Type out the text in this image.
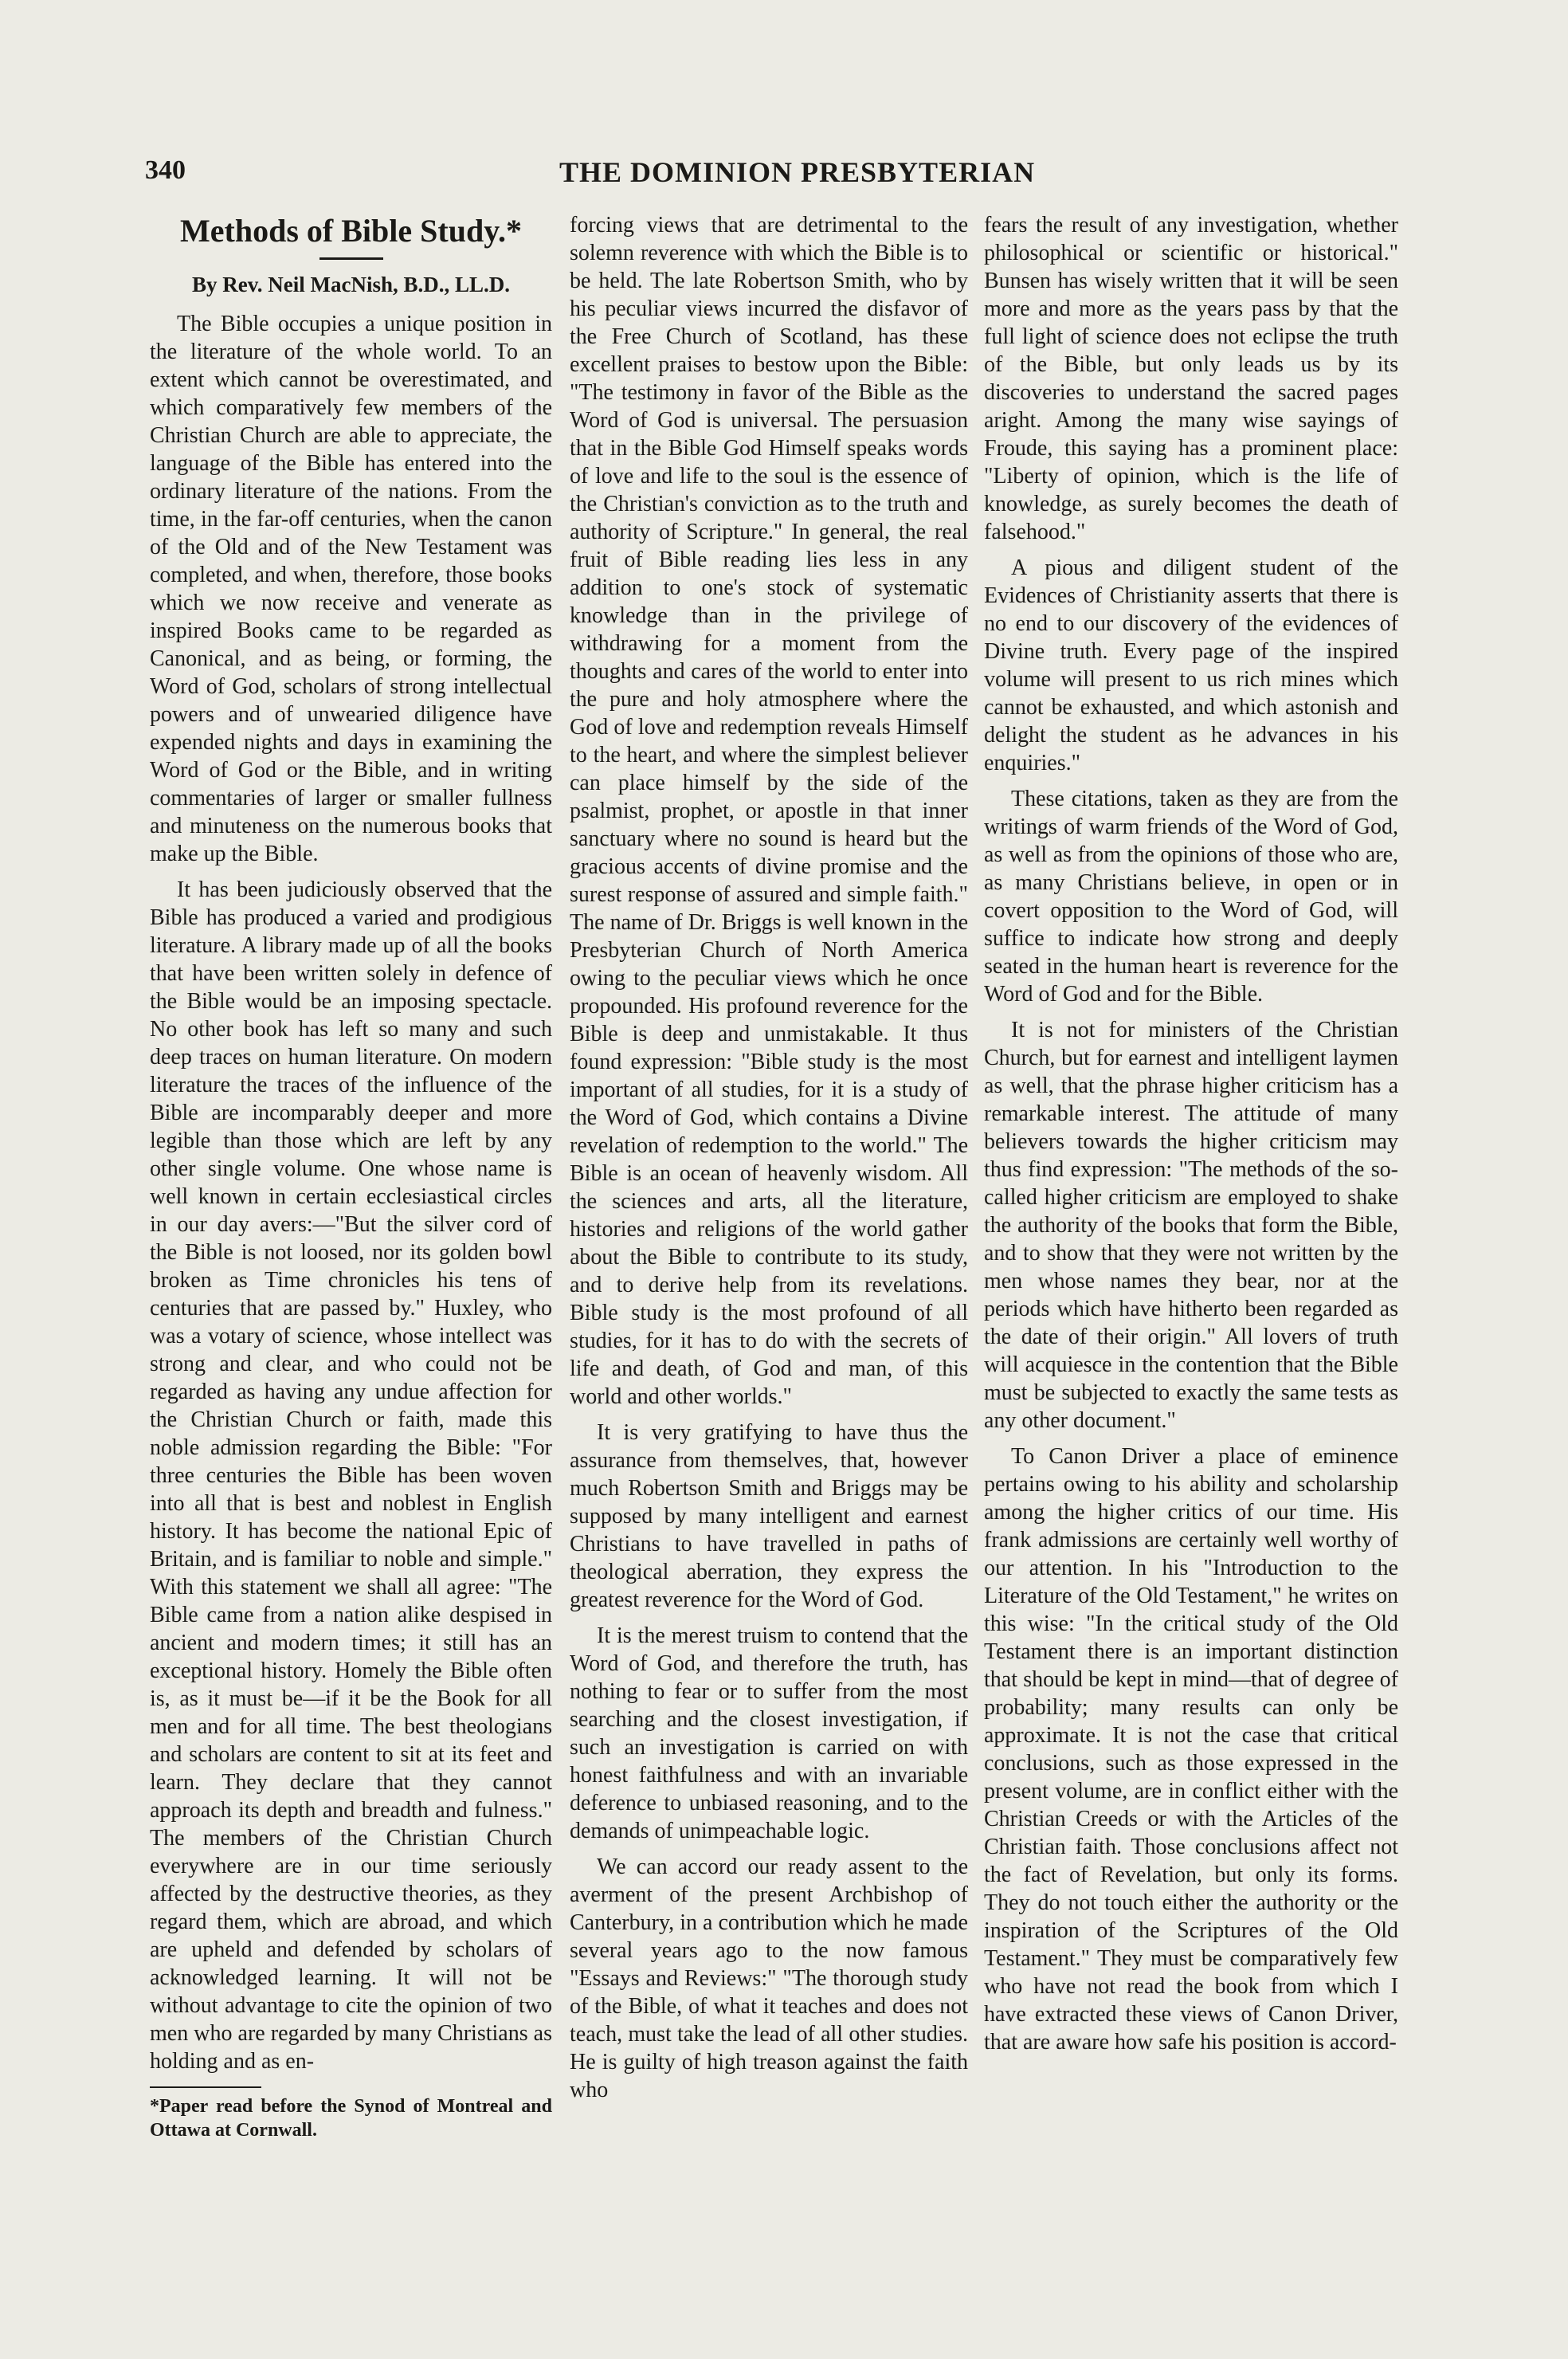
340	THE DOMINION PRESBYTERIAN
Methods of Bible Study.*
By Rev. Neil MacNish, B.D., LL.D.

The Bible occupies a unique position in the literature of the whole world. To an extent which cannot be overestimated, and which comparatively few members of the Christian Church are able to appreciate, the language of the Bible has entered into the ordinary literature of the nations. From the time, in the far-off centuries, when the canon of the Old and of the New Testament was completed, and when, therefore, those books which we now receive and venerate as inspired Books came to be regarded as Canonical, and as being, or forming, the Word of God, scholars of strong intellectual powers and of unwearied diligence have expended nights and days in examining the Word of God or the Bible, and in writing commentaries of larger or smaller fullness and minuteness on the numerous books that make up the Bible.

It has been judiciously observed that the Bible has produced a varied and prodigious literature. A library made up of all the books that have been written solely in defence of the Bible would be an imposing spectacle. No other book has left so many and such deep traces on human literature. On modern literature the traces of the influence of the Bible are incomparably deeper and more legible than those which are left by any other single volume. One whose name is well known in certain ecclesiastical circles in our day avers:—"But the silver cord of the Bible is not loosed, nor its golden bowl broken as Time chronicles his tens of centuries that are passed by." Huxley, who was a votary of science, whose intellect was strong and clear, and who could not be regarded as having any undue affection for the Christian Church or faith, made this noble admission regarding the Bible: "For three centuries the Bible has been woven into all that is best and noblest in English history. It has become the national Epic of Britain, and is familiar to noble and simple." With this statement we shall all agree: "The Bible came from a nation alike despised in ancient and modern times; it still has an exceptional history. Homely the Bible often is, as it must be—if it be the Book for all men and for all time. The best theologians and scholars are content to sit at its feet and learn. They declare that they cannot approach its depth and breadth and fulness." The members of the Christian Church everywhere are in our time seriously affected by the destructive theories, as they regard them, which are abroad, and which are upheld and defended by scholars of acknowledged learning. It will not be without advantage to cite the opinion of two men who are regarded by many Christians as holding and as en-

*Paper read before the Synod of Montreal and Ottawa at Cornwall.

forcing views that are detrimental to the solemn reverence with which the Bible is to be held. The late Robertson Smith, who by his peculiar views incurred the disfavor of the Free Church of Scotland, has these excellent praises to bestow upon the Bible: "The testimony in favor of the Bible as the Word of God is universal. The persuasion that in the Bible God Himself speaks words of love and life to the soul is the essence of the Christian's conviction as to the truth and authority of Scripture." In general, the real fruit of Bible reading lies less in any addition to one's stock of systematic knowledge than in the privilege of withdrawing for a moment from the thoughts and cares of the world to enter into the pure and holy atmosphere where the God of love and redemption reveals Himself to the heart, and where the simplest believer can place himself by the side of the psalmist, prophet, or apostle in that inner sanctuary where no sound is heard but the gracious accents of divine promise and the surest response of assured and simple faith." The name of Dr. Briggs is well known in the Presbyterian Church of North America owing to the peculiar views which he once propounded. His profound reverence for the Bible is deep and unmistakable. It thus found expression: "Bible study is the most important of all studies, for it is a study of the Word of God, which contains a Divine revelation of redemption to the world." The Bible is an ocean of heavenly wisdom. All the sciences and arts, all the literature, histories and religions of the world gather about the Bible to contribute to its study, and to derive help from its revelations. Bible study is the most profound of all studies, for it has to do with the secrets of life and death, of God and man, of this world and other worlds."

It is very gratifying to have thus the assurance from themselves, that, however much Robertson Smith and Briggs may be supposed by many intelligent and earnest Christians to have travelled in paths of theological aberration, they express the greatest reverence for the Word of God.

It is the merest truism to contend that the Word of God, and therefore the truth, has nothing to fear or to suffer from the most searching and the closest investigation, if such an investigation is carried on with honest faithfulness and with an invariable deference to unbiased reasoning, and to the demands of unimpeachable logic.

We can accord our ready assent to the averment of the present Archbishop of Canterbury, in a contribution which he made several years ago to the now famous "Essays and Reviews:" "The thorough study of the Bible, of what it teaches and does not teach, must take the lead of all other studies. He is guilty of high treason against the faith who

fears the result of any investigation, whether philosophical or scientific or historical." Bunsen has wisely written that it will be seen more and more as the years pass by that the full light of science does not eclipse the truth of the Bible, but only leads us by its discoveries to understand the sacred pages aright. Among the many wise sayings of Froude, this saying has a prominent place: "Liberty of opinion, which is the life of knowledge, as surely becomes the death of falsehood."

A pious and diligent student of the Evidences of Christianity asserts that there is no end to our discovery of the evidences of Divine truth. Every page of the inspired volume will present to us rich mines which cannot be exhausted, and which astonish and delight the student as he advances in his enquiries."

These citations, taken as they are from the writings of warm friends of the Word of God, as well as from the opinions of those who are, as many Christians believe, in open or in covert opposition to the Word of God, will suffice to indicate how strong and deeply seated in the human heart is reverence for the Word of God and for the Bible.

It is not for ministers of the Christian Church, but for earnest and intelligent laymen as well, that the phrase higher criticism has a remarkable interest. The attitude of many believers towards the higher criticism may thus find expression: "The methods of the so-called higher criticism are employed to shake the authority of the books that form the Bible, and to show that they were not written by the men whose names they bear, nor at the periods which have hitherto been regarded as the date of their origin." All lovers of truth will acquiesce in the contention that the Bible must be subjected to exactly the same tests as any other document."

To Canon Driver a place of eminence pertains owing to his ability and scholarship among the higher critics of our time. His frank admissions are certainly well worthy of our attention. In his "Introduction to the Literature of the Old Testament," he writes on this wise: "In the critical study of the Old Testament there is an important distinction that should be kept in mind—that of degree of probability; many results can only be approximate. It is not the case that critical conclusions, such as those expressed in the present volume, are in conflict either with the Christian Creeds or with the Articles of the Christian faith. Those conclusions affect not the fact of Revelation, but only its forms. They do not touch either the authority or the inspiration of the Scriptures of the Old Testament." They must be comparatively few who have not read the book from which I have extracted these views of Canon Driver, that are aware how safe his position is accord-
